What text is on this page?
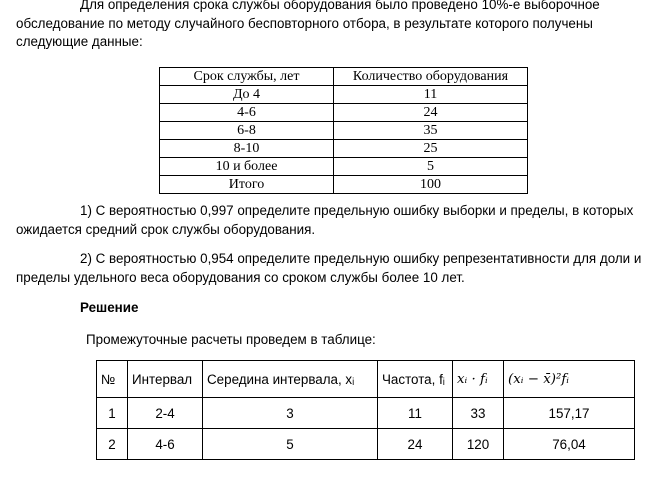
Для определения срока службы оборудования было проведено 10%-е выборочное обследование по методу случайного бесповторного отбора, в результате которого получены следующие данные:

Срок службы, лет	Количество оборудования
До 4	11
4-6	24
6-8	35
8-10	25
10 и более	5
Итого	100

1) С вероятностью 0,997 определите предельную ошибку выборки и пределы, в которых ожидается средний срок службы оборудования.

2) С вероятностью 0,954 определите предельную ошибку репрезентативности для доли и пределы удельного веса оборудования со сроком службы более 10 лет.

Решение

Промежуточные расчеты проведем в таблице:

№	Интервал	Середина интервала, xᵢ	Частота, fᵢ	xᵢ · fᵢ	(xᵢ − x̄)²fᵢ
1	2-4	3	11	33	157,17
2	4-6	5	24	120	76,04
